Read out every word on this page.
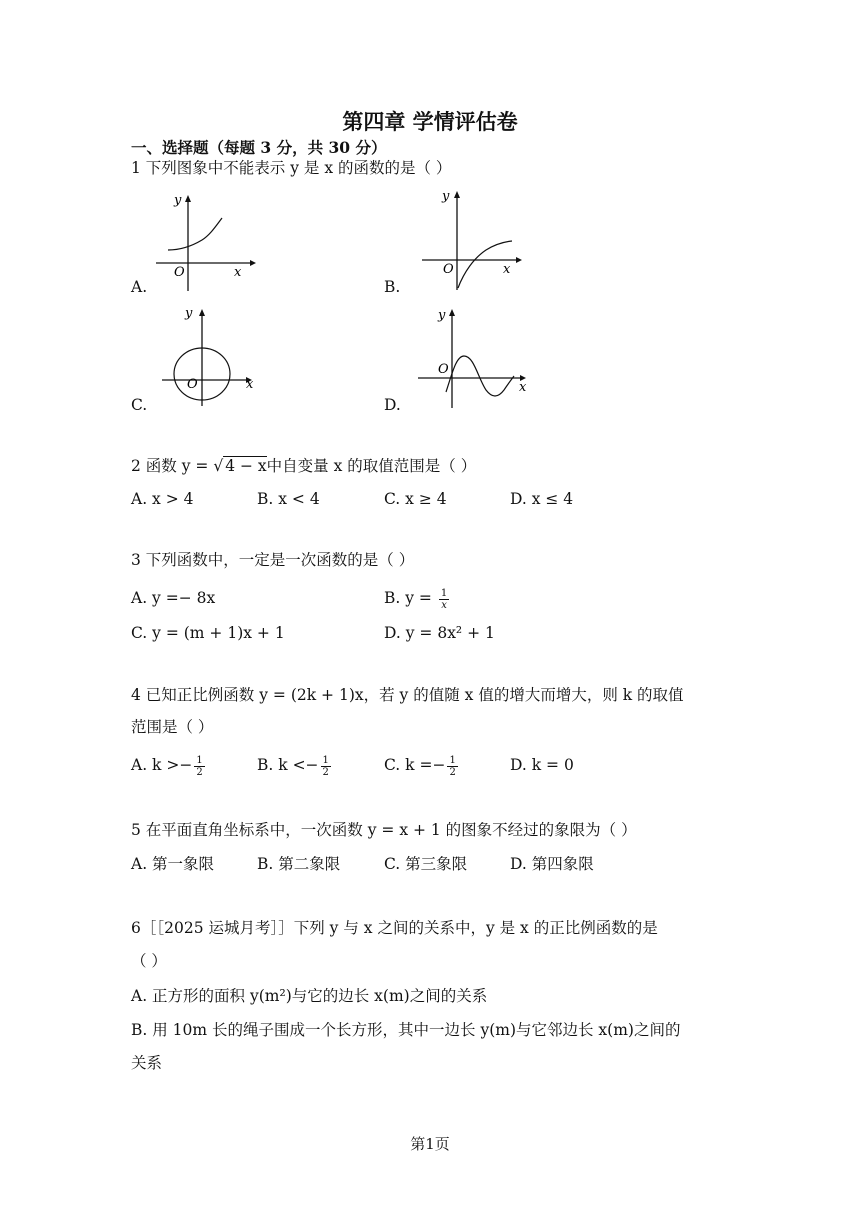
第四章 学情评估卷
一、选择题（每题 3 分，共 30 分）
1 下列图象中不能表示 y 是 x 的函数的是（ ）
y
x
O
A.
y
x
O
B.
y
x
O
C.
y
x
O
D.
2 函数 y = √ 4 − x中自变量 x 的取值范围是（ ）
A. x > 4	B. x < 4	C. x ≥ 4	D. x ≤ 4
3 下列函数中，一定是一次函数的是（ ）
A. y =− 8x	B. $y = \frac{1}{x}$
C. y = (m + 1)x + 1	D. y = 8x² + 1
4 已知正比例函数 y = (2k + 1)x，若 y 的值随 x 值的增大而增大，则 k 的取值
范围是（ ）
A. $k >- \frac{1}{2}$	B. $k <- \frac{1}{2}$	C. $k =- \frac{1}{2}$	D. k = 0
5 在平面直角坐标系中，一次函数 y = x + 1 的图象不经过的象限为（ ）
A. 第一象限	B. 第二象限	C. 第三象限	D. 第四象限
6［［2025 运城月考］］下列 y 与 x 之间的关系中，y 是 x 的正比例函数的是
（ ）
A. 正方形的面积 y(m²)与它的边长 x(m)之间的关系
B. 用 10m 长的绳子围成一个长方形，其中一边长 y(m)与它邻边长 x(m)之间的
关系
第1页
